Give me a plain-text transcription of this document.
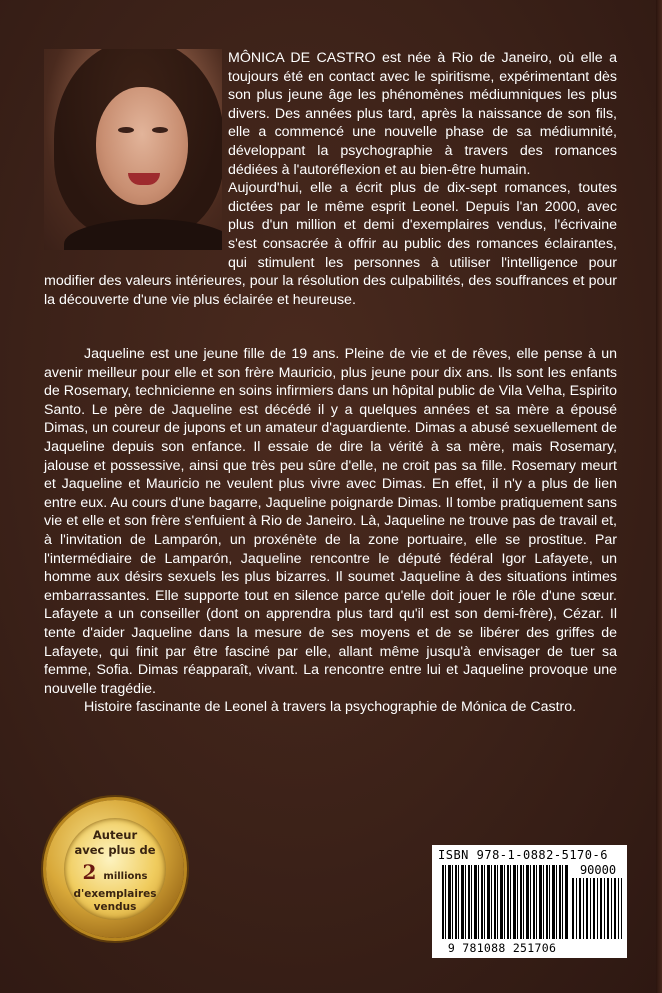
MÔNICA DE CASTRO est née à Rio de Janeiro, où elle a toujours été en contact avec le spiritisme, expérimentant dès son plus jeune âge les phénomènes médiumniques les plus divers. Des années plus tard, après la naissance de son fils, elle a commencé une nouvelle phase de sa médiumnité, développant la psychographie à travers des romances dédiées à l'autoréflexion et au bien-être humain.

Aujourd'hui, elle a écrit plus de dix-sept romances, toutes dictées par le même esprit Leonel. Depuis l'an 2000, avec plus d'un million et demi d'exemplaires vendus, l'écrivaine s'est consacrée à offrir au public des romances éclairantes, qui stimulent les personnes à utiliser l'intelligence pour modifier des valeurs intérieures, pour la résolution des culpabilités, des souffrances et pour la découverte d'une vie plus éclairée et heureuse.

Jaqueline est une jeune fille de 19 ans. Pleine de vie et de rêves, elle pense à un avenir meilleur pour elle et son frère Mauricio, plus jeune pour dix ans. Ils sont les enfants de Rosemary, technicienne en soins infirmiers dans un hôpital public de Vila Velha, Espirito Santo. Le père de Jaqueline est décédé il y a quelques années et sa mère a épousé Dimas, un coureur de jupons et un amateur d'aguardiente. Dimas a abusé sexuellement de Jaqueline depuis son enfance. Il essaie de dire la vérité à sa mère, mais Rosemary, jalouse et possessive, ainsi que très peu sûre d'elle, ne croit pas sa fille. Rosemary meurt et Jaqueline et Mauricio ne veulent plus vivre avec Dimas. En effet, il n'y a plus de lien entre eux. Au cours d'une bagarre, Jaqueline poignarde Dimas. Il tombe pratiquement sans vie et elle et son frère s'enfuient à Rio de Janeiro. Là, Jaqueline ne trouve pas de travail et, à l'invitation de Lamparón, un proxénète de la zone portuaire, elle se prostitue. Par l'intermédiaire de Lamparón, Jaqueline rencontre le député fédéral Igor Lafayete, un homme aux désirs sexuels les plus bizarres. Il soumet Jaqueline à des situations intimes embarrassantes. Elle supporte tout en silence parce qu'elle doit jouer le rôle d'une sœur. Lafayete a un conseiller (dont on apprendra plus tard qu'il est son demi-frère), Cézar. Il tente d'aider Jaqueline dans la mesure de ses moyens et de se libérer des griffes de Lafayete, qui finit par être fasciné par elle, allant même jusqu'à envisager de tuer sa femme, Sofia. Dimas réapparaît, vivant. La rencontre entre lui et Jaqueline provoque une nouvelle tragédie.

Histoire fascinante de Leonel à travers la psychographie de Mónica de Castro.

Auteur
avec plus de
2 millions
d'exemplaires
vendus
ISBN 978-1-0882-5170-6
90000
9 781088 251706
